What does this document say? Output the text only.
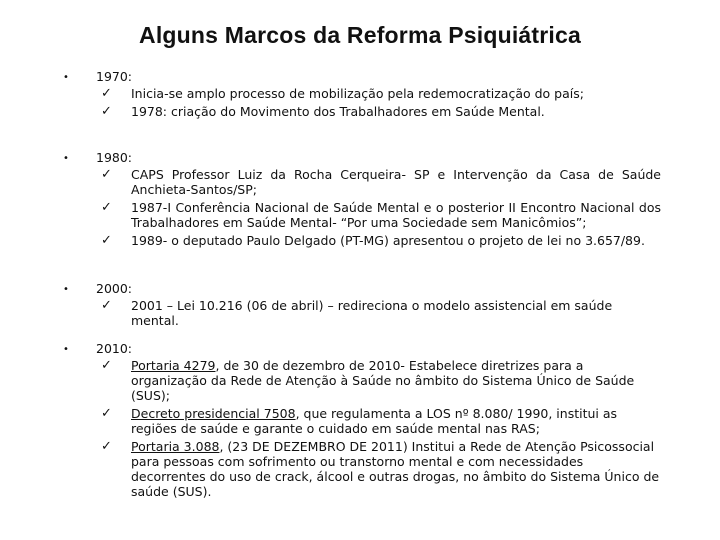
Alguns Marcos da Reforma Psiquiátrica
• 1970:
✓ Inicia-se amplo processo de mobilização pela redemocratização do país;
✓ 1978: criação do Movimento dos Trabalhadores em Saúde Mental.
• 1980:
✓ CAPS Professor Luiz da Rocha Cerqueira- SP e Intervenção da Casa de Saúde Anchieta-Santos/SP;
✓ 1987-I Conferência Nacional de Saúde Mental e o posterior II Encontro Nacional dos Trabalhadores em Saúde Mental- “Por uma Sociedade sem Manicômios”;
✓ 1989- o deputado Paulo Delgado (PT-MG) apresentou o projeto de lei no 3.657/89.
• 2000:
✓ 2001 – Lei 10.216 (06 de abril) – redireciona o modelo assistencial em saúde mental.
• 2010:
✓ Portaria 4279, de 30 de dezembro de 2010- Estabelece diretrizes para a organização da Rede de Atenção à Saúde no âmbito do Sistema Único de Saúde (SUS);
✓ Decreto presidencial 7508, que regulamenta a LOS nº 8.080/ 1990, institui as regiões de saúde e garante o cuidado em saúde mental nas RAS;
✓ Portaria 3.088, (23 DE DEZEMBRO DE 2011) Institui a Rede de Atenção Psicossocial para pessoas com sofrimento ou transtorno mental e com necessidades decorrentes do uso de crack, álcool e outras drogas, no âmbito do Sistema Único de saúde (SUS).
